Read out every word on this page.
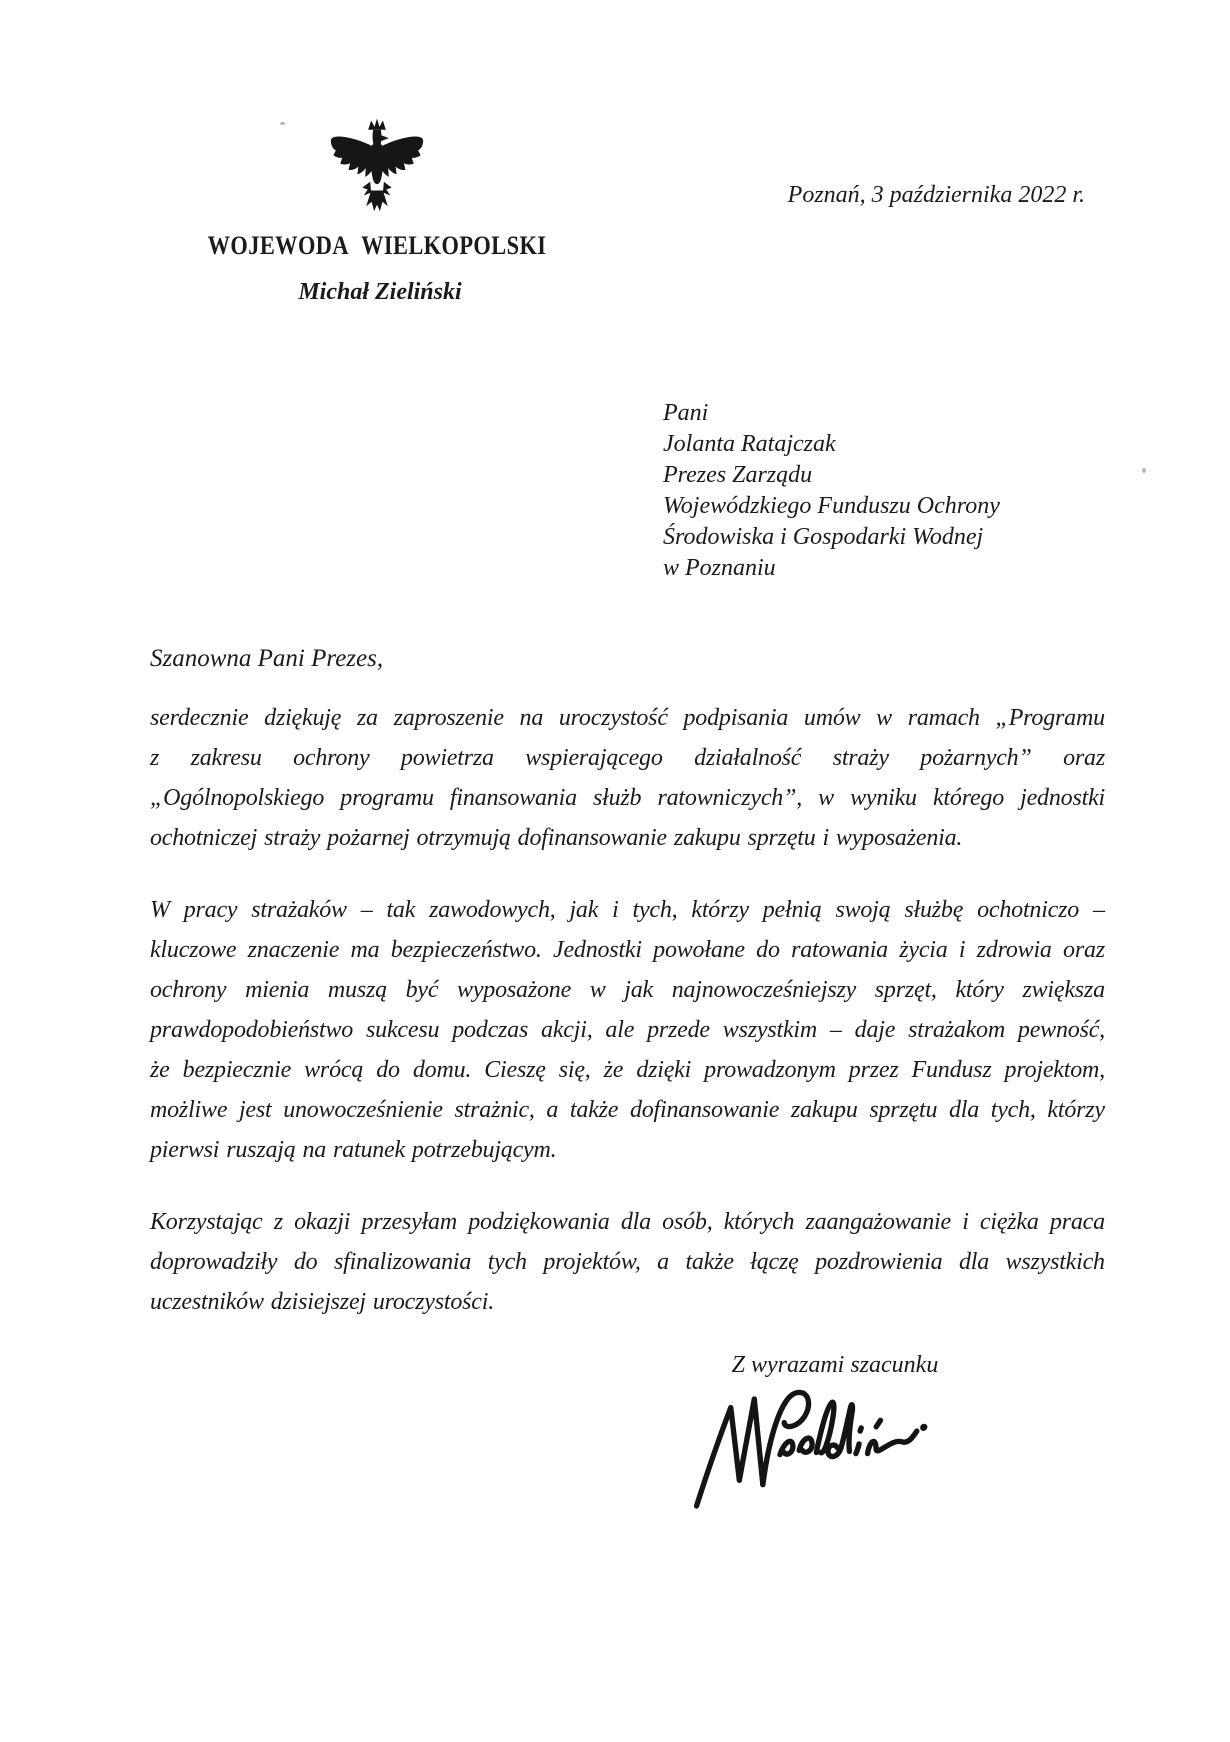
WOJEWODA WIELKOPOLSKI
Michał Zieliński
Poznań, 3 października 2022 r.
Pani
Jolanta Ratajczak
Prezes Zarządu
Wojewódzkiego Funduszu Ochrony
Środowiska i Gospodarki Wodnej
w Poznaniu
Szanowna Pani Prezes,
serdecznie dziękuję za zaproszenie na uroczystość podpisania umów w ramach „Programu
z zakresu ochrony powietrza wspierającego działalność straży pożarnych” oraz
„Ogólnopolskiego programu finansowania służb ratowniczych”, w wyniku którego jednostki
ochotniczej straży pożarnej otrzymują dofinansowanie zakupu sprzętu i wyposażenia.
W pracy strażaków – tak zawodowych, jak i tych, którzy pełnią swoją służbę ochotniczo –
kluczowe znaczenie ma bezpieczeństwo. Jednostki powołane do ratowania życia i zdrowia oraz
ochrony mienia muszą być wyposażone w jak najnowocześniejszy sprzęt, który zwiększa
prawdopodobieństwo sukcesu podczas akcji, ale przede wszystkim – daje strażakom pewność,
że bezpiecznie wrócą do domu. Cieszę się, że dzięki prowadzonym przez Fundusz projektom,
możliwe jest unowocześnienie strażnic, a także dofinansowanie zakupu sprzętu dla tych, którzy
pierwsi ruszają na ratunek potrzebującym.
Korzystając z okazji przesyłam podziękowania dla osób, których zaangażowanie i ciężka praca
doprowadziły do sfinalizowania tych projektów, a także łączę pozdrowienia dla wszystkich
uczestników dzisiejszej uroczystości.
Z wyrazami szacunku
